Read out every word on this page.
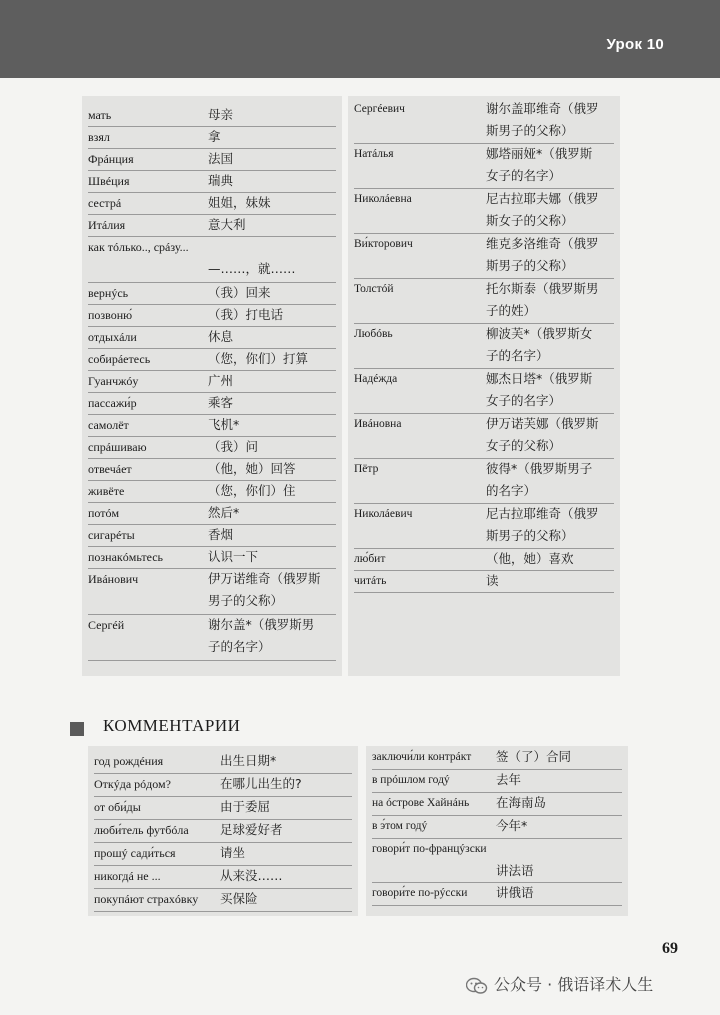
Урок 10
мать	母亲
взял	拿
Фрáнция	法国
Швéция	瑞典
сестрá	姐姐，妹妹
Итáлия	意大利
как тóлько.., срáзу...
—……，就……
вернýсь	（我）回来
позвоню́	（我）打电话
отдыхáли	休息
собирáетесь	（您，你们）打算
Гуанчжóу	广州
пассажи́р	乘客
самолёт	飞机*
спрáшиваю	（我）问
отвечáет	（他，她）回答
живёте	（您，你们）住
потóм	然后*
сигарéты	香烟
познакóмьтесь	认识一下
Ивáнович	伊万诺维奇（俄罗斯
男子的父称）
Сергéй	谢尔盖*（俄罗斯男
子的名字）
Сергéевич	谢尔盖耶维奇（俄罗
斯男子的父称）
Натáлья	娜塔丽娅*（俄罗斯
女子的名字）
Николáевна	尼古拉耶夫娜（俄罗
斯女子的父称）
Ви́кторович	维克多洛维奇（俄罗
斯男子的父称）
Толстóй	托尔斯泰（俄罗斯男
子的姓）
Любóвь	柳波芙*（俄罗斯女
子的名字）
Надéжда	娜杰日塔*（俄罗斯
女子的名字）
Ивáновна	伊万诺芙娜（俄罗斯
女子的父称）
Пётр	彼得*（俄罗斯男子
的名字）
Николáевич	尼古拉耶维奇（俄罗
斯男子的父称）
лю́бит	（他，她）喜欢
читáть	读
КОММЕНТАРИИ
год рождéния	出生日期*
Откýда рóдом?	在哪儿出生的?
от оби́ды	由于委屈
люби́тель футбóла	足球爱好者
прошý сади́ться	请坐
никогдá не ...	从来没……
покупáют страхóвку 买保险
заключи́ли контрáкт 签（了）合同
в прóшлом годý	去年
на óстрове Хайнáнь 在海南岛
в э́том годý	今年*
говори́т по-францýзски
讲法语
говори́те по-рýсски 讲俄语
69
公众号 · 俄语译术人生
